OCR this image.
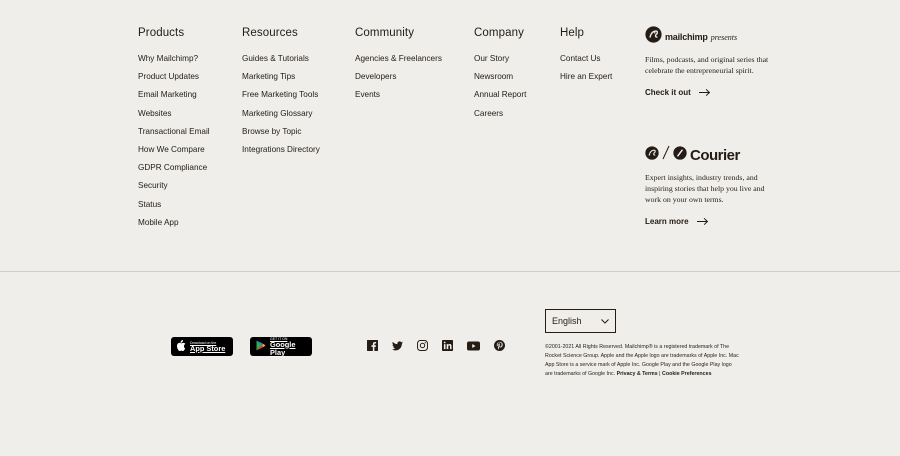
Products
Why Mailchimp?
Product Updates
Email Marketing
Websites
Transactional Email
How We Compare
GDPR Compliance
Security
Status
Mobile App
Resources
Guides & Tutorials
Marketing Tips
Free Marketing Tools
Marketing Glossary
Browse by Topic
Integrations Directory
Community
Agencies & Freelancers
Developers
Events
Company
Our Story
Newsroom
Annual Report
Careers
Help
Contact Us
Hire an Expert
mailchimp presents

Films, podcasts, and original series that celebrate the entrepreneurial spirit.

Check it out
Courier

Expert insights, industry trends, and inspiring stories that help you live and work on your own terms.

Learn more
Download on the
App Store
GET IT ON
Google Play
English
©2001-2021 All Rights Reserved. Mailchimp® is a registered trademark of The Rocket Science Group. Apple and the Apple logo are trademarks of Apple Inc. Mac App Store is a service mark of Apple Inc. Google Play and the Google Play logo are trademarks of Google Inc. Privacy & Terms | Cookie Preferences
